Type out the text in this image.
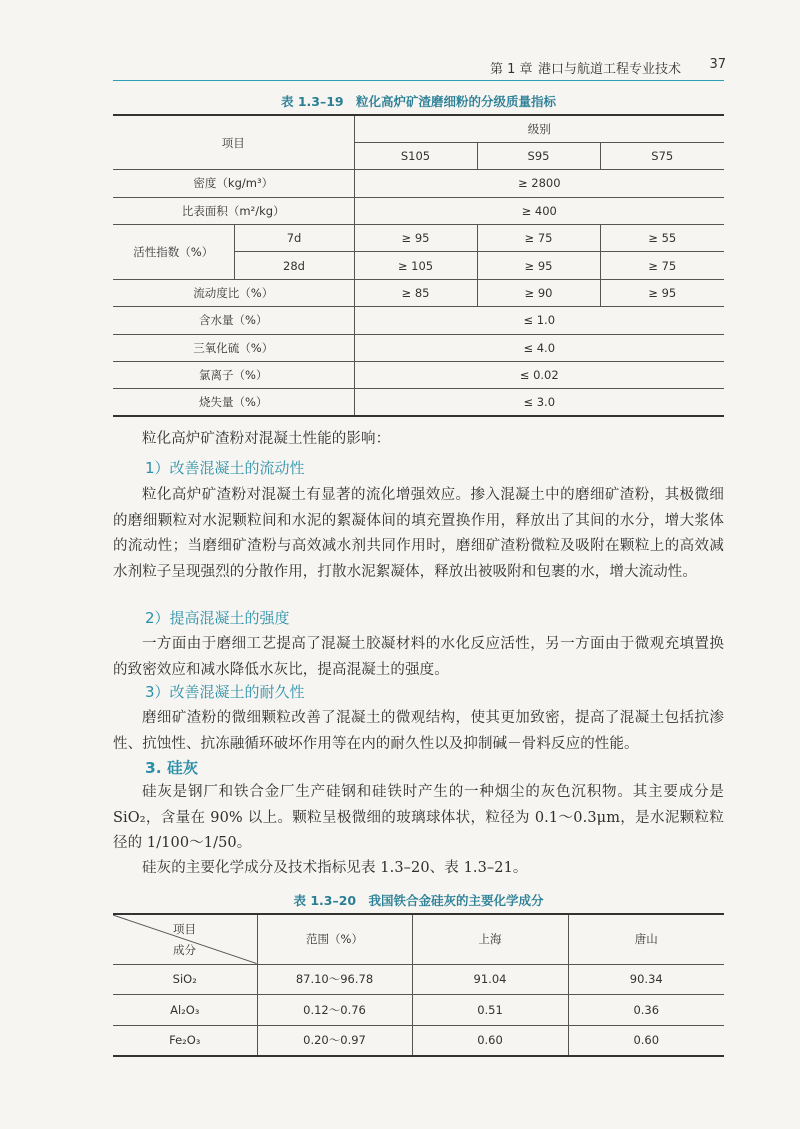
第 1 章 港口与航道工程专业技术 37
表 1.3–19 粒化高炉矿渣磨细粉的分级质量指标
项目		级别		
		S105	S95	S75
密度（kg/m³）		≥ 2800		
比表面积（m²/kg）		≥ 400		
活性指数（%）	7d	≥ 95	≥ 75	≥ 55
	28d	≥ 105	≥ 95	≥ 75
流动度比（%）		≥ 85	≥ 90	≥ 95
含水量（%）		≤ 1.0		
三氧化硫（%）		≤ 4.0		
氯离子（%）		≤ 0.02		
烧失量（%）		≤ 3.0		

粒化高炉矿渣粉对混凝土性能的影响：

1）改善混凝土的流动性

粒化高炉矿渣粉对混凝土有显著的流化增强效应。掺入混凝土中的磨细矿渣粉，其极微细的磨细颗粒对水泥颗粒间和水泥的絮凝体间的填充置换作用，释放出了其间的水分，增大浆体的流动性；当磨细矿渣粉与高效减水剂共同作用时，磨细矿渣粉微粒及吸附在颗粒上的高效减水剂粒子呈现强烈的分散作用，打散水泥絮凝体，释放出被吸附和包裹的水，增大流动性。

2）提高混凝土的强度

一方面由于磨细工艺提高了混凝土胶凝材料的水化反应活性，另一方面由于微观充填置换的致密效应和减水降低水灰比，提高混凝土的强度。

3）改善混凝土的耐久性

磨细矿渣粉的微细颗粒改善了混凝土的微观结构，使其更加致密，提高了混凝土包括抗渗性、抗蚀性、抗冻融循环破坏作用等在内的耐久性以及抑制碱－骨料反应的性能。

3. 硅灰

硅灰是钢厂和铁合金厂生产硅钢和硅铁时产生的一种烟尘的灰色沉积物。其主要成分是 SiO₂，含量在 90% 以上。颗粒呈极微细的玻璃球体状，粒径为 0.1～0.3μm，是水泥颗粒粒径的 1/100～1/50。

硅灰的主要化学成分及技术指标见表 1.3–20、表 1.3–21。

表 1.3–20 我国铁合金硅灰的主要化学成分
项目
成分	范围（%）	上海	唐山
SiO₂	87.10～96.78	91.04	90.34
Al₂O₃	0.12～0.76	0.51	0.36
Fe₂O₃	0.20～0.97	0.60	0.60
